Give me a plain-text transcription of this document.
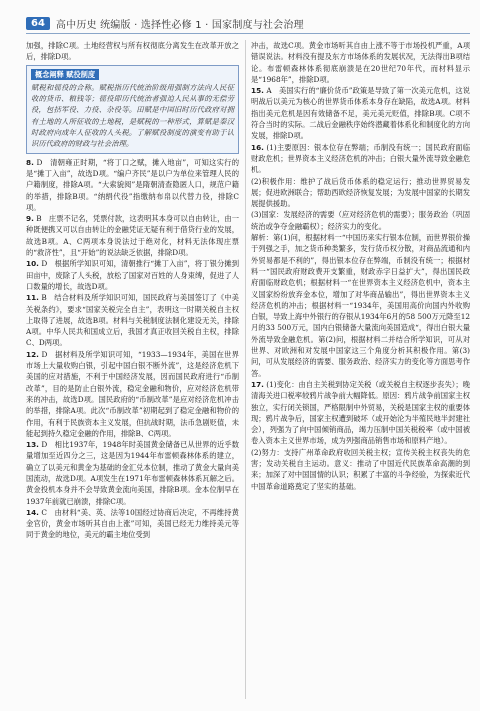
64	高中历史 统编版 · 选择性必修 1 · 国家制度与社会治理

加强，排除C项。土地经营权与所有权彻底分离发生在改革开放之后，排除D项。

概念阐释 赋役制度

赋税和徭役的合称。赋税指历代统治阶级用强制方法向人民征收的货币、粮钱等；徭役即历代统治者强迫人民从事的无偿劳役，包括军役、力役、杂役等。田赋是中国旧时历代政府对拥有土地的人所征收的土地税，是赋税的一种形式，算赋是秦汉时政府向成年人征收的人头税。了解赋役制度的演变有助于认识历代政府的财政与社会治理。

8. D　清朝雍正时期，“将丁口之赋，摊入地亩”，可知这实行的是“摊丁入亩”，故选D项。“编户齐民”是以户为单位来管理人民的户籍制度，排除A项。“大索貌阅”是隋朝清查隐匿人口，规范户籍的举措，排除B项。“纳绢代役”指缴纳布帛以代替力役，排除C项。

9. B　庄票不记名，凭票付款，这表明其本身可以自由转让，由一种既便携又可以自由转让的金融凭证无疑有利于借贷行业的发展，故选B项。A、C两项本身说法过于绝对化，材料无法体现庄票的“救济性”，且“开始”的说法缺乏依据，排除D项。

10. D　根据所学知识可知，清朝推行“摊丁入亩”，将丁银分摊到田亩中，废除了人头税，放松了国家对百姓的人身束缚，促进了人口数量的增长，故选D项。

11. B　结合材料及所学知识可知，国民政府与美国签订了《中美关税条约》，要求“国家关税完全自主”，表明这一时期关税自主权上取得了进展，故选B项。材料与关税制度法制化建设无关，排除A项。中华人民共和国成立后，我国才真正收回关税自主权，排除C、D两项。

12. D　据材料及所学知识可知，“1933—1934年，美国在世界市场上大量收购白银，引起中国白银不断外流”，这是经济危机下美国的应对措施，不利于中国经济发展，因而国民政府进行“币制改革”，目的是防止白银外流，稳定金融和物价，应对经济危机带来的冲击，故选D项。国民政府的“币制改革”是应对经济危机冲击的举措，排除A项。此次“币制改革”初期起到了稳定金融和物价的作用，有利于民族资本主义发展，但抗战时期，法币急剧贬值，未能起到持久稳定金融的作用，排除B、C两项。

13. D　相比1937年，1948年时美国黄金储备已从世界的近乎数量增加至近四分之三，这是因为1944年布雷顿森林体系的建立，确立了以美元和黄金为基础的金汇兑本位制，推动了黄金大量向美国流动，故选D项。A项发生在1971年布雷顿森林体系瓦解之后。黄金投机本身并不会导致黄金流向美国，排除B项。金本位制早在1937年前就已崩溃，排除C项。

14. C　由材料“美、英、法等10国经过协商后决定，不再维持黄金官价，黄金市场听其自由上涨”可知，美国已经无力维持美元等同于黄金的地位，美元的霸主地位受到

冲击，故选C项。黄金市场听其自由上涨不等于市场投机严重，A项错误说法。材料没有提及东方市场体系的发展状况，无法得出B项结论。布雷顿森林体系彻底崩溃是在20世纪70年代，而材料显示是“1968年”，排除D项。

15. A　美国实行的“廉价货币”政策是导致了第一次美元危机，这说明战后以美元为核心的世界货币体系本身存在缺陷，故选A项。材料指出美元危机是因有效储备不足，美元美元贬值，排除B项。C项不符合当时的实际。二战后金融秩序始终潜藏着体系化和制度化的方向发展，排除D项。

16. (1)主要原因：银本位存在弊端；币制没有统一；国民政府面临财政危机；世界资本主义经济危机的冲击；白银大量外流导致金融危机。

(2)积极作用：维护了战后货币体系的稳定运行；推动世界贸易发展；促进欧洲联合；帮助西欧经济恢复发展；为发展中国家的长期发展提供援助。

(3)国家：发展经济的需要（应对经济危机的需要）；服务政治（巩固统治或争夺金融霸权）；经济实力的变化。

解析：第(1)问，根据材料一“中国历来实行银本位制，而世界银价操于列强之手，加之货币种类繁多，发行货币权分散，对商品流通和内外贸易都是不利的”，得出银本位存在弊端，币制没有统一；根据材料一“国民政府财政费开支繁重，财政赤字日益扩大”，得出国民政府面临财政危机；根据材料一“在世界资本主义经济危机中，资本主义国家纷纷放弃金本位，增加了对华商品输出”，得出世界资本主义经济危机的冲击；根据材料一“1934年，美国用高价向国内外收购白银，导致上海中外银行的存银从1934年6月的58 500万元降至12月的33 500万元，国内白银储备大量流向美国造成“，得出白银大量外流导致金融危机。第(2)问，根据材料二并结合所学知识，可从对世界、对欧洲和对发展中国家这三个角度分析其积极作用。第(3)问，可从发展经济的需要、服务政治、经济实力的变化等方面思考作答。

17. (1)变化：由自主关税到协定关税（或关税自主权逐步丧失）；晚清海关进口税率较鸦片战争前大幅降低。原因：鸦片战争前国家主权独立，实行闭关锁国，严格限制中外贸易，关税是国家主权的重要体现；鸦片战争后，国家主权遭到破坏（或开始沦为半殖民地半封建社会），列强为了向中国倾销商品，竭力压制中国关税税率（或中国被卷入资本主义世界市场，成为列强商品销售市场和原料产地）。

(2)努力：支持广州革命政府收回关税主权；宣传关税主权丧失的危害；发动关税自主运动。意义：推动了中国近代民族革命高潮的到来；加深了对中国国情的认识；积累了丰富的斗争经验，为探索近代中国革命道路奠定了坚实的基础。
